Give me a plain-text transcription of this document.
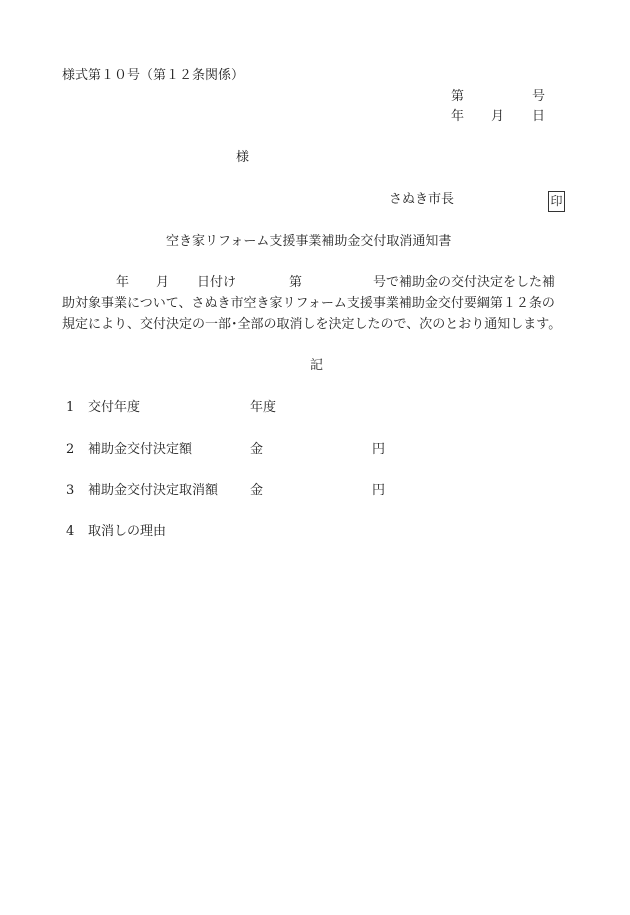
様式第１０号（第１２条関係）
第	号
年 月 日
様
さぬき市長	印
空き家リフォーム支援事業補助金交付取消通知書
年 月 日付け	第	号で補助金の交付決定をした補
助対象事業について、さぬき市空き家リフォーム支援事業補助金交付要綱第１２条の
規定により、交付決定の一部･全部の取消しを決定したので、次のとおり通知します。
記
1 交付年度	年度
2 補助金交付決定額	金	円
3 補助金交付決定取消額 金	円
4 取消しの理由
